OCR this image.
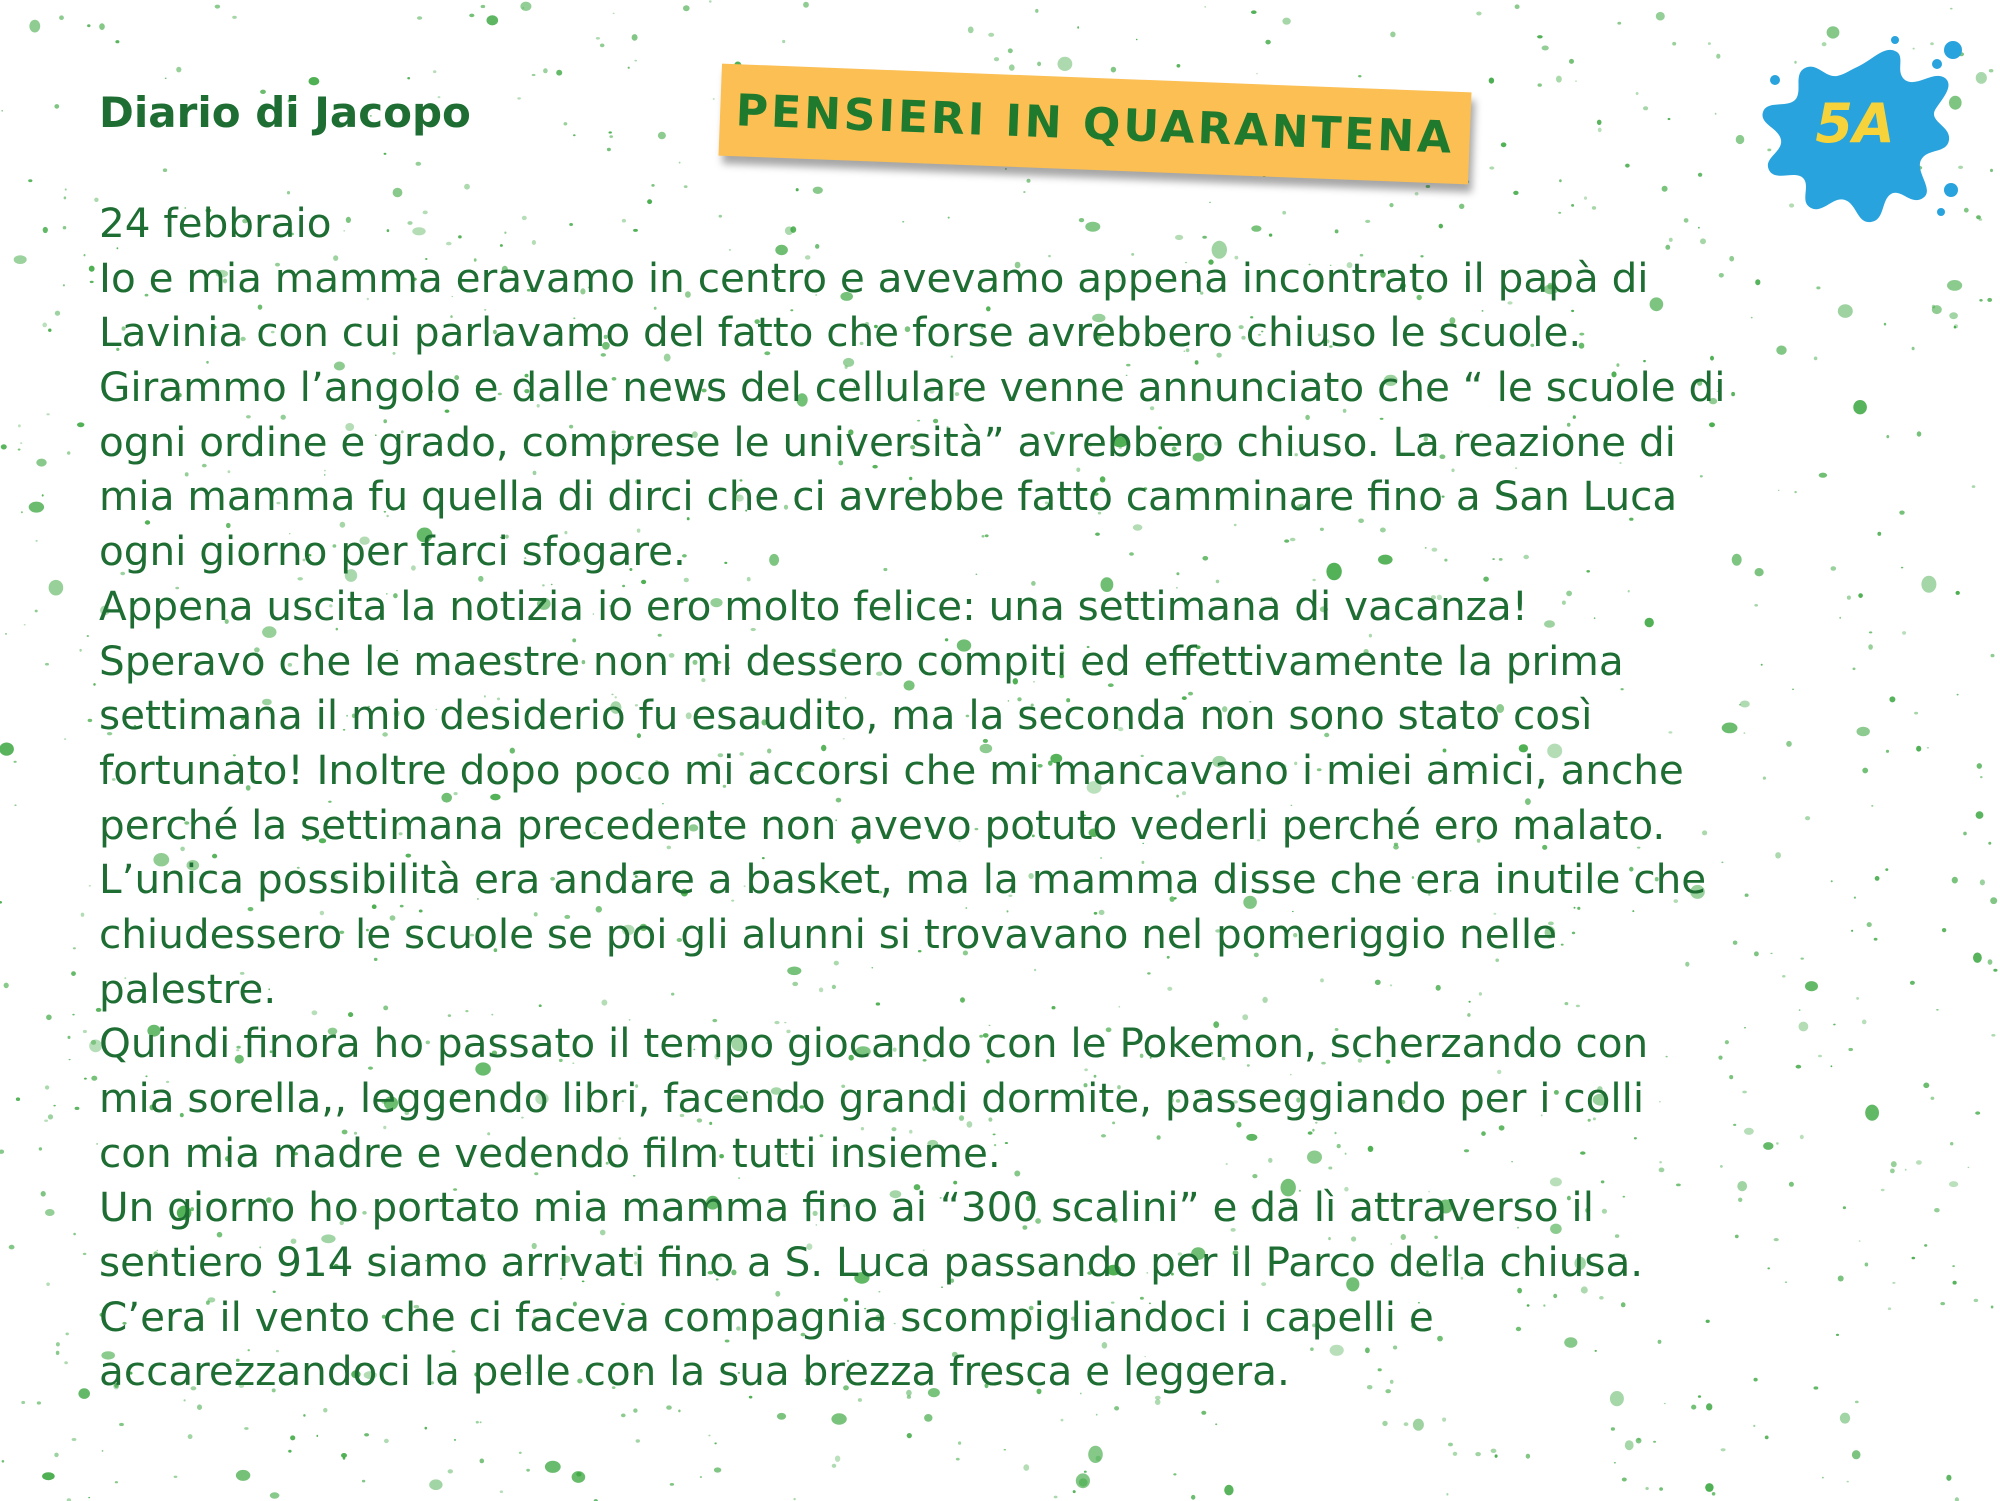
Diario di Jacopo	PENSIERI IN QUARANTENA	5A
24 febbraio
Io e mia mamma eravamo in centro e avevamo appena incontrato il papà di
Lavinia con cui parlavamo del fatto che forse avrebbero chiuso le scuole.
Girammo l’angolo e dalle news del cellulare venne annunciato che “ le scuole di
ogni ordine e grado, comprese le università” avrebbero chiuso. La reazione di
mia mamma fu quella di dirci che ci avrebbe fatto camminare fino a San Luca
ogni giorno per farci sfogare.
Appena uscita la notizia io ero molto felice: una settimana di vacanza!
Speravo che le maestre non mi dessero compiti ed effettivamente la prima
settimana il mio desiderio fu esaudito, ma la seconda non sono stato così
fortunato! Inoltre dopo poco mi accorsi che mi mancavano i miei amici, anche
perché la settimana precedente non avevo potuto vederli perché ero malato.
L’unica possibilità era andare a basket, ma la mamma disse che era inutile che
chiudessero le scuole se poi gli alunni si trovavano nel pomeriggio nelle
palestre.
Quindi finora ho passato il tempo giocando con le Pokemon, scherzando con
mia sorella,, leggendo libri, facendo grandi dormite, passeggiando per i colli
con mia madre e vedendo film tutti insieme.
Un giorno ho portato mia mamma fino ai “300 scalini” e da lì attraverso il
sentiero 914 siamo arrivati fino a S. Luca passando per il Parco della chiusa.
C’era il vento che ci faceva compagnia scompigliandoci i capelli e
accarezzandoci la pelle con la sua brezza fresca e leggera.
